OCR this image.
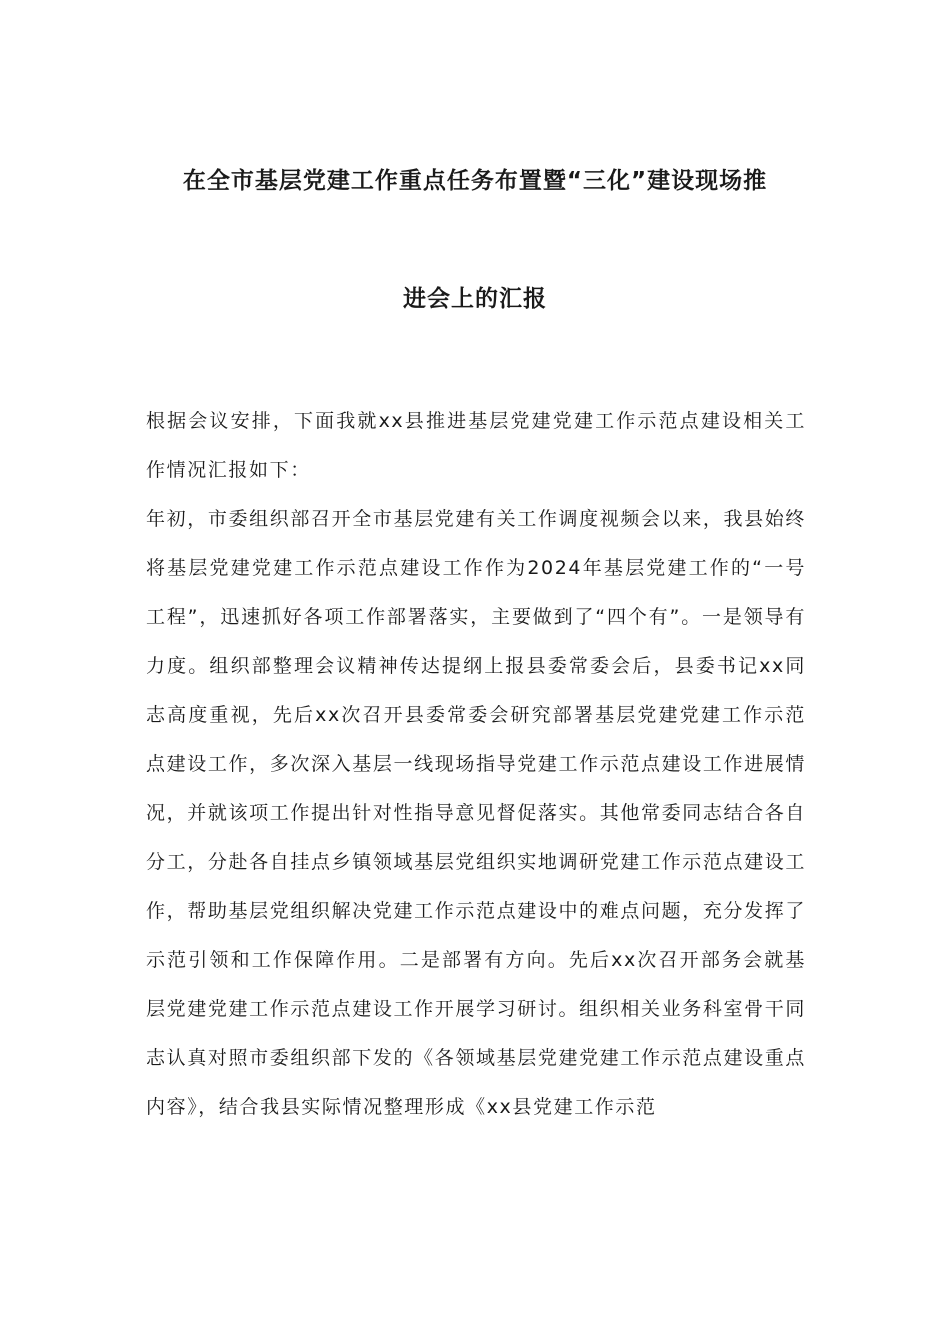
在全市基层党建工作重点任务布置暨“三化”建设现场推
进会上的汇报

根据会议安排，下面我就xx县推进基层党建党建工作示范点建设相关工作情况汇报如下：

年初，市委组织部召开全市基层党建有关工作调度视频会以来，我县始终将基层党建党建工作示范点建设工作作为2024年基层党建工作的“一号工程”，迅速抓好各项工作部署落实，主要做到了“四个有”。一是领导有力度。组织部整理会议精神传达提纲上报县委常委会后，县委书记xx同志高度重视，先后xx次召开县委常委会研究部署基层党建党建工作示范点建设工作，多次深入基层一线现场指导党建工作示范点建设工作进展情况，并就该项工作提出针对性指导意见督促落实。其他常委同志结合各自分工，分赴各自挂点乡镇领域基层党组织实地调研党建工作示范点建设工作，帮助基层党组织解决党建工作示范点建设中的难点问题，充分发挥了示范引领和工作保障作用。二是部署有方向。先后xx次召开部务会就基层党建党建工作示范点建设工作开展学习研讨。组织相关业务科室骨干同志认真对照市委组织部下发的《各领域基层党建党建工作示范点建设重点内容》，结合我县实际情况整理形成《xx县党建工作示范
